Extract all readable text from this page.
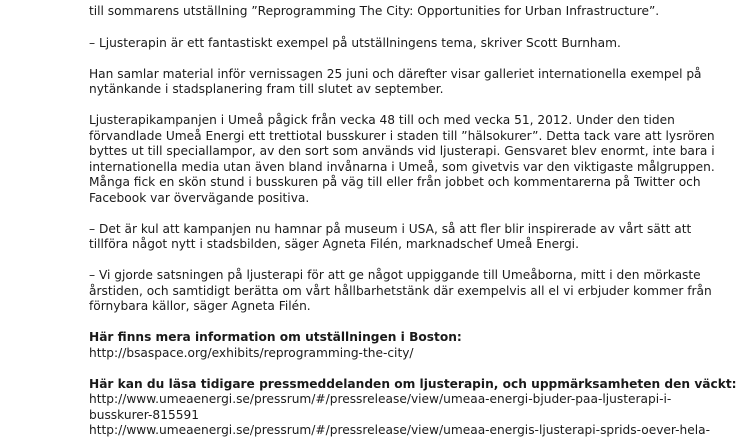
till sommarens utställning ”Reprogramming The City: Opportunities for Urban Infrastructure”.

– Ljusterapin är ett fantastiskt exempel på utställningens tema, skriver Scott Burnham.

Han samlar material inför vernissagen 25 juni och därefter visar galleriet internationella exempel på

nytänkande i stadsplanering fram till slutet av september.

Ljusterapikampanjen i Umeå pågick från vecka 48 till och med vecka 51, 2012. Under den tiden

förvandlade Umeå Energi ett trettiotal busskurer i staden till ”hälsokurer”. Detta tack vare att lysrören

byttes ut till speciallampor, av den sort som används vid ljusterapi. Gensvaret blev enormt, inte bara i

internationella media utan även bland invånarna i Umeå, som givetvis var den viktigaste målgruppen.

Många fick en skön stund i busskuren på väg till eller från jobbet och kommentarerna på Twitter och

Facebook var övervägande positiva.

– Det är kul att kampanjen nu hamnar på museum i USA, så att fler blir inspirerade av vårt sätt att

tillföra något nytt i stadsbilden, säger Agneta Filén, marknadschef Umeå Energi.

– Vi gjorde satsningen på ljusterapi för att ge något uppiggande till Umeåborna, mitt i den mörkaste

årstiden, och samtidigt berätta om vårt hållbarhetstänk där exempelvis all el vi erbjuder kommer från

förnybara källor, säger Agneta Filén.

Här finns mera information om utställningen i Boston:

http://bsaspace.org/exhibits/reprogramming-the-city/

Här kan du läsa tidigare pressmeddelanden om ljusterapin, och uppmärksamheten den väckt:

http://www.umeaenergi.se/pressrum/#/pressrelease/view/umeaa-energi-bjuder-paa-ljusterapi-i-

busskurer-815591

http://www.umeaenergi.se/pressrum/#/pressrelease/view/umeaa-energis-ljusterapi-sprids-oever-hela-
